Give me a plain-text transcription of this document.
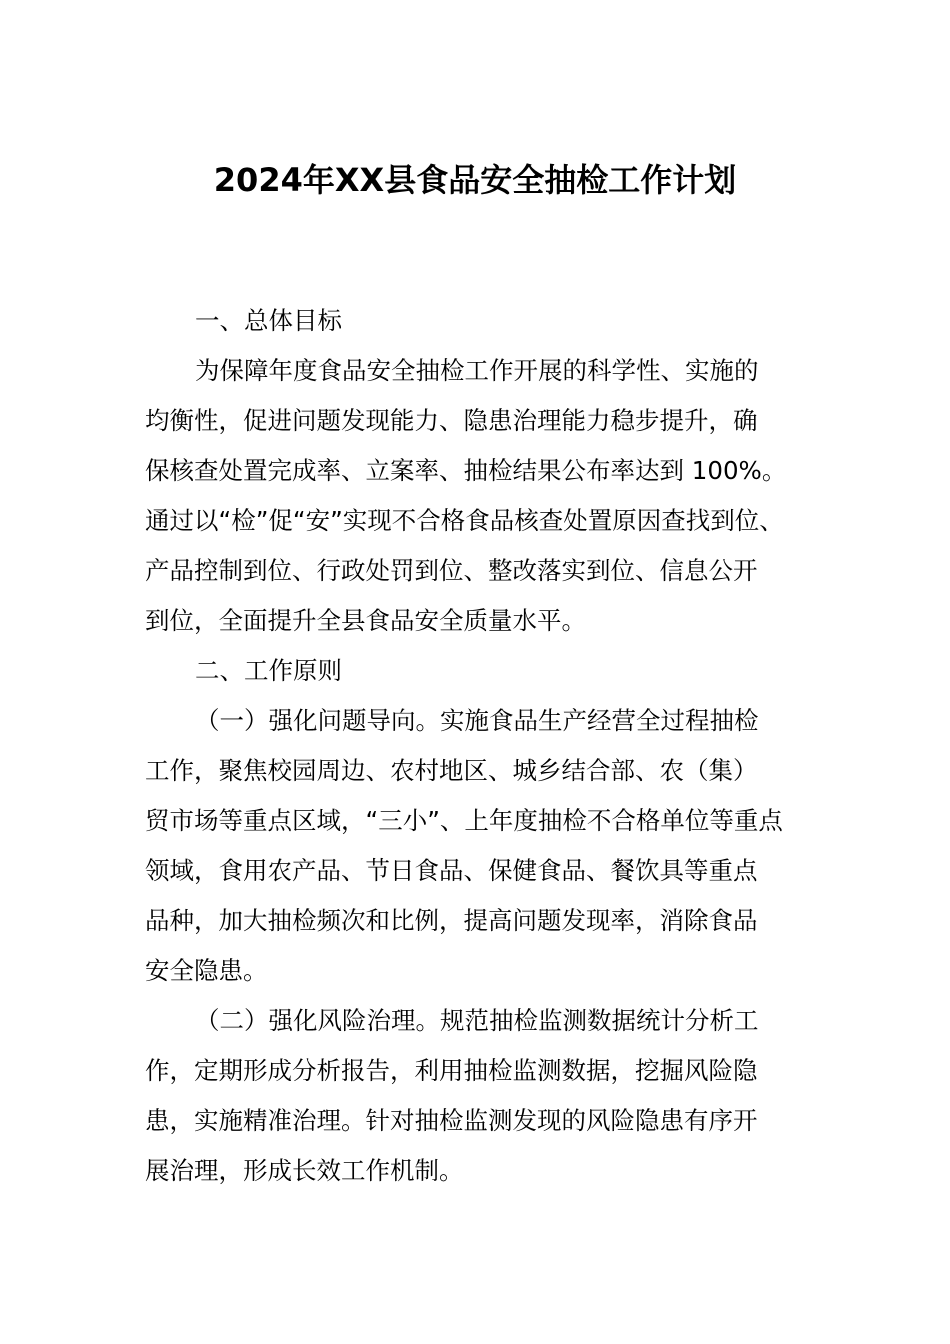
2024年XX县食品安全抽检工作计划
一、总体目标
为保障年度食品安全抽检工作开展的科学性、实施的
均衡性，促进问题发现能力、隐患治理能力稳步提升，确
保核查处置完成率、立案率、抽检结果公布率达到 100%。
通过以“检”促“安”实现不合格食品核查处置原因查找到位、
产品控制到位、行政处罚到位、整改落实到位、信息公开
到位，全面提升全县食品安全质量水平。
二、工作原则
（一）强化问题导向。实施食品生产经营全过程抽检
工作，聚焦校园周边、农村地区、城乡结合部、农（集）
贸市场等重点区域，“三小”、上年度抽检不合格单位等重点
领域，食用农产品、节日食品、保健食品、餐饮具等重点
品种，加大抽检频次和比例，提高问题发现率，消除食品
安全隐患。
（二）强化风险治理。规范抽检监测数据统计分析工
作，定期形成分析报告，利用抽检监测数据，挖掘风险隐
患，实施精准治理。针对抽检监测发现的风险隐患有序开
展治理，形成长效工作机制。
